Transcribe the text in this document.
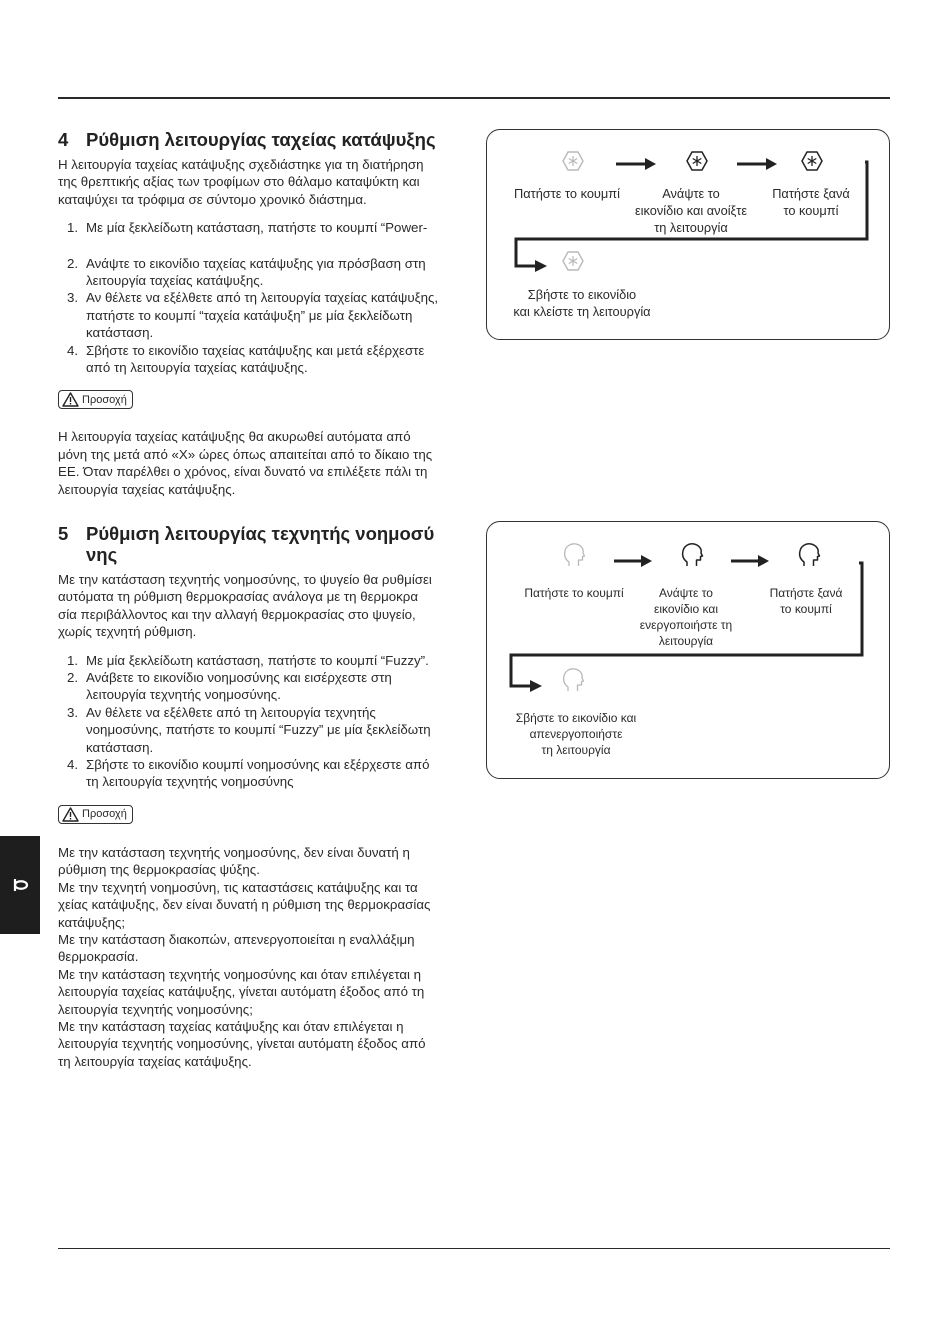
4 Ρύθμιση λειτουργίας ταχείας κατάψυξης

Η λειτουργία ταχείας κατάψυξης σχεδιάστηκε για τη διατήρηση
της θρεπτικής αξίας των τροφίμων στο θάλαμο καταψύκτη και
καταψύχει τα τρόφιμα σε σύντομο χρονικό διάστημα.

1. Με μία ξεκλείδωτη κατάσταση, πατήστε το κουμπί “Power-
2. Ανάψτε το εικονίδιο ταχείας κατάψυξης για πρόσβαση στη
λειτουργία ταχείας κατάψυξης.
3. Αν θέλετε να εξέλθετε από τη λειτουργία ταχείας κατάψυξης,
πατήστε το κουμπί “ταχεία κατάψυξη” με μία ξεκλείδωτη
κατάσταση.
4. Σβήστε το εικονίδιο ταχείας κατάψυξης και μετά εξέρχεστε
από τη λειτουργία ταχείας κατάψυξης.
Προσοχή

Η λειτουργία ταχείας κατάψυξης θα ακυρωθεί αυτόματα από
μόνη της μετά από «X» ώρες όπως απαιτείται από το δίκαιο της
ΕΕ. Όταν παρέλθει ο χρόνος, είναι δυνατό να επιλέξετε πάλι τη
λειτουργία ταχείας κατάψυξης.

Πατήστε το κουμπί	Ανάψτε το
εικονίδιο και ανοίξτε
τη λειτουργία
Πατήστε ξανά
το κουμπί
Σβήστε το εικονίδιο
και κλείστε τη λειτουργία
5 Ρύθμιση λειτουργίας τεχνητής νοημοσύ
νης

Με την κατάσταση τεχνητής νοημοσύνης, το ψυγείο θα ρυθμίσει
αυτόματα τη ρύθμιση θερμοκρασίας ανάλογα με τη θερμοκρα
σία περιβάλλοντος και την αλλαγή θερμοκρασίας στο ψυγείο,
χωρίς τεχνητή ρύθμιση.

1. Με μία ξεκλείδωτη κατάσταση, πατήστε το κουμπί “Fuzzy”.
2. Ανάβετε το εικονίδιο νοημοσύνης και εισέρχεστε στη
λειτουργία τεχνητής νοημοσύνης.
3. Αν θέλετε να εξέλθετε από τη λειτουργία τεχνητής
νοημοσύνης, πατήστε το κουμπί “Fuzzy” με μία ξεκλείδωτη
κατάσταση.
4. Σβήστε το εικονίδιο κουμπί νοημοσύνης και εξέρχεστε από
τη λειτουργία τεχνητής νοημοσύνης
Προσοχή

Με την κατάσταση τεχνητής νοημοσύνης, δεν είναι δυνατή η
ρύθμιση της θερμοκρασίας ψύξης.
Με την τεχνητή νοημοσύνη, τις καταστάσεις κατάψυξης και τα
χείας κατάψυξης, δεν είναι δυνατή η ρύθμιση της θερμοκρασίας
κατάψυξης;
Με την κατάσταση διακοπών, απενεργοποιείται η εναλλάξιμη
θερμοκρασία.
Με την κατάσταση τεχνητής νοημοσύνης και όταν επιλέγεται η
λειτουργία ταχείας κατάψυξης, γίνεται αυτόματη έξοδος από τη
λειτουργία τεχνητής νοημοσύνης;
Με την κατάσταση ταχείας κατάψυξης και όταν επιλέγεται η
λειτουργία τεχνητής νοημοσύνης, γίνεται αυτόματη έξοδος από
τη λειτουργία ταχείας κατάψυξης.

Πατήστε το κουμπί	Ανάψτε το
εικονίδιο και
ενεργοποιήστε τη
λειτουργία
Πατήστε ξανά
το κουμπί
Σβήστε το εικονίδιο και
απενεργοποιήστε
τη λειτουργία
